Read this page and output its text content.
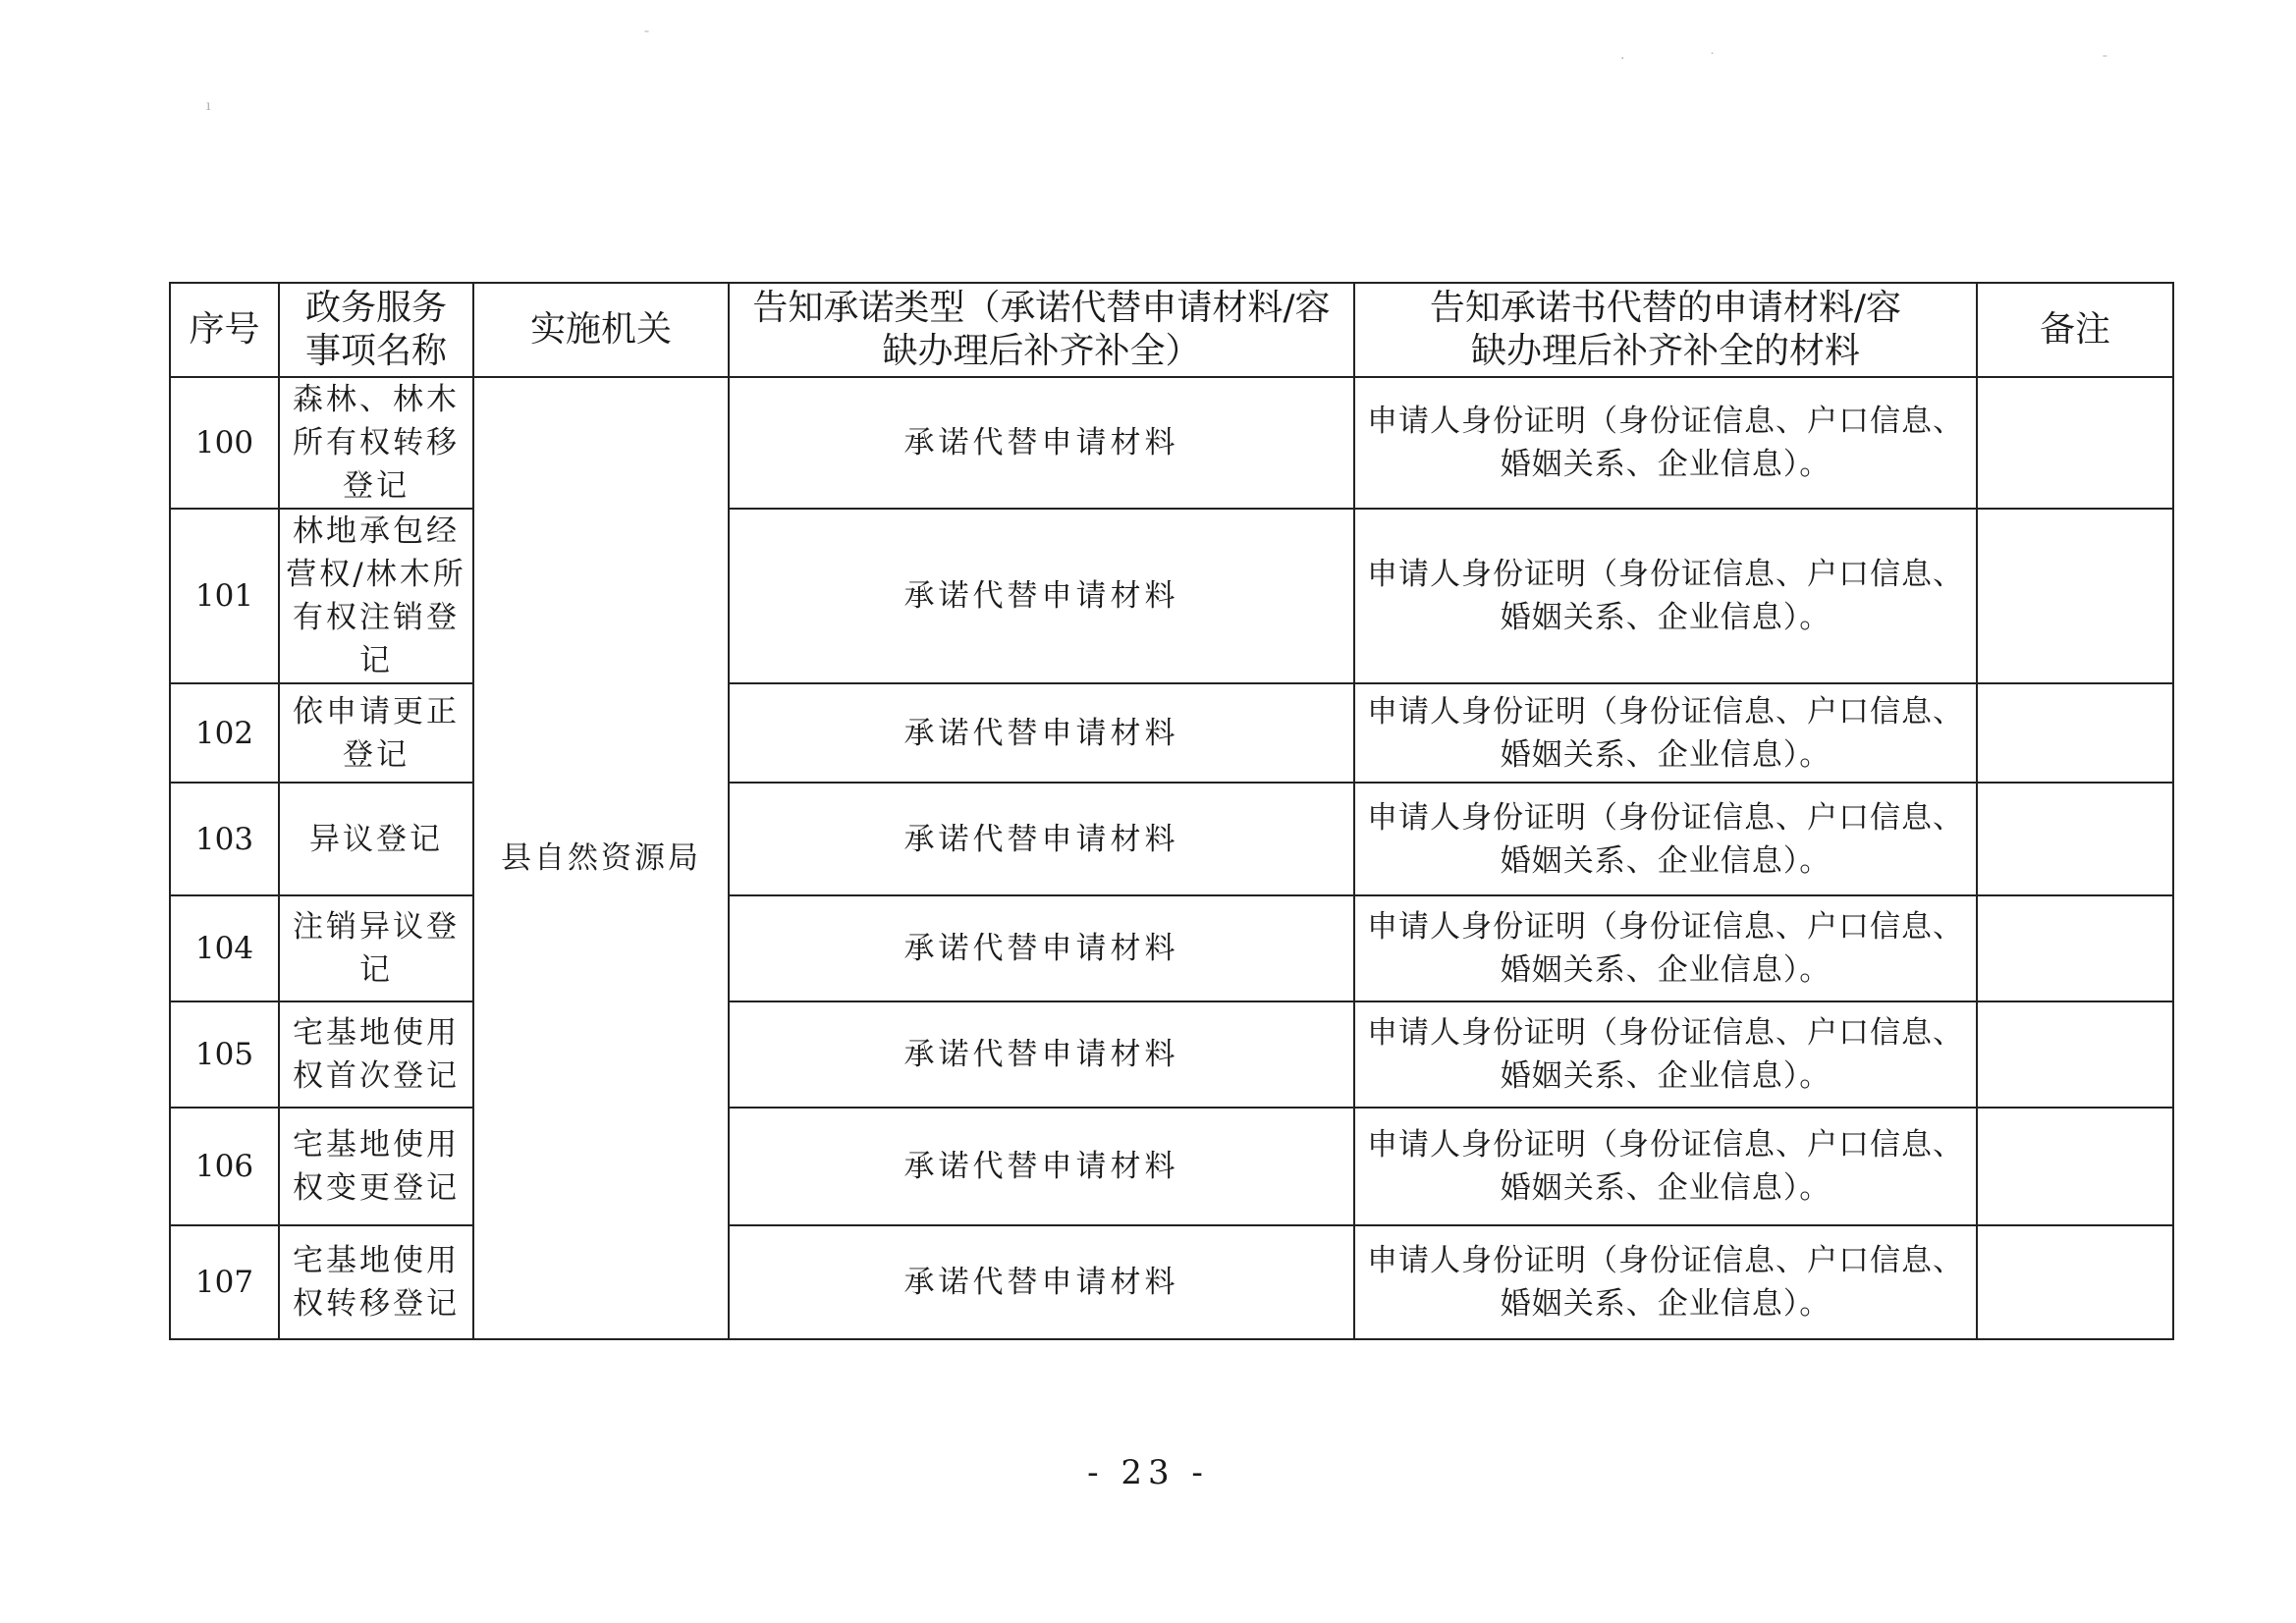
ˉ
·	˙	ˉ
ı
序号	政务服务事项名称	实施机关	告知承诺类型（承诺代替申请材料/容缺办理后补齐补全）	告知承诺书代替的申请材料/容缺办理后补齐补全的材料	备注
100	森林、林木所有权转移登记	县自然资源局	承诺代替申请材料	申请人身份证明（身份证信息、户口信息、婚姻关系、企业信息）。	
101	林地承包经营权/林木所有权注销登记		承诺代替申请材料	申请人身份证明（身份证信息、户口信息、婚姻关系、企业信息）。	
102	依申请更正登记		承诺代替申请材料	申请人身份证明（身份证信息、户口信息、婚姻关系、企业信息）。	
103	异议登记		承诺代替申请材料	申请人身份证明（身份证信息、户口信息、婚姻关系、企业信息）。	
104	注销异议登记		承诺代替申请材料	申请人身份证明（身份证信息、户口信息、婚姻关系、企业信息）。	
105	宅基地使用权首次登记		承诺代替申请材料	申请人身份证明（身份证信息、户口信息、婚姻关系、企业信息）。	
106	宅基地使用权变更登记		承诺代替申请材料	申请人身份证明（身份证信息、户口信息、婚姻关系、企业信息）。	
107	宅基地使用权转移登记		承诺代替申请材料	申请人身份证明（身份证信息、户口信息、婚姻关系、企业信息）。	
- 23 -
